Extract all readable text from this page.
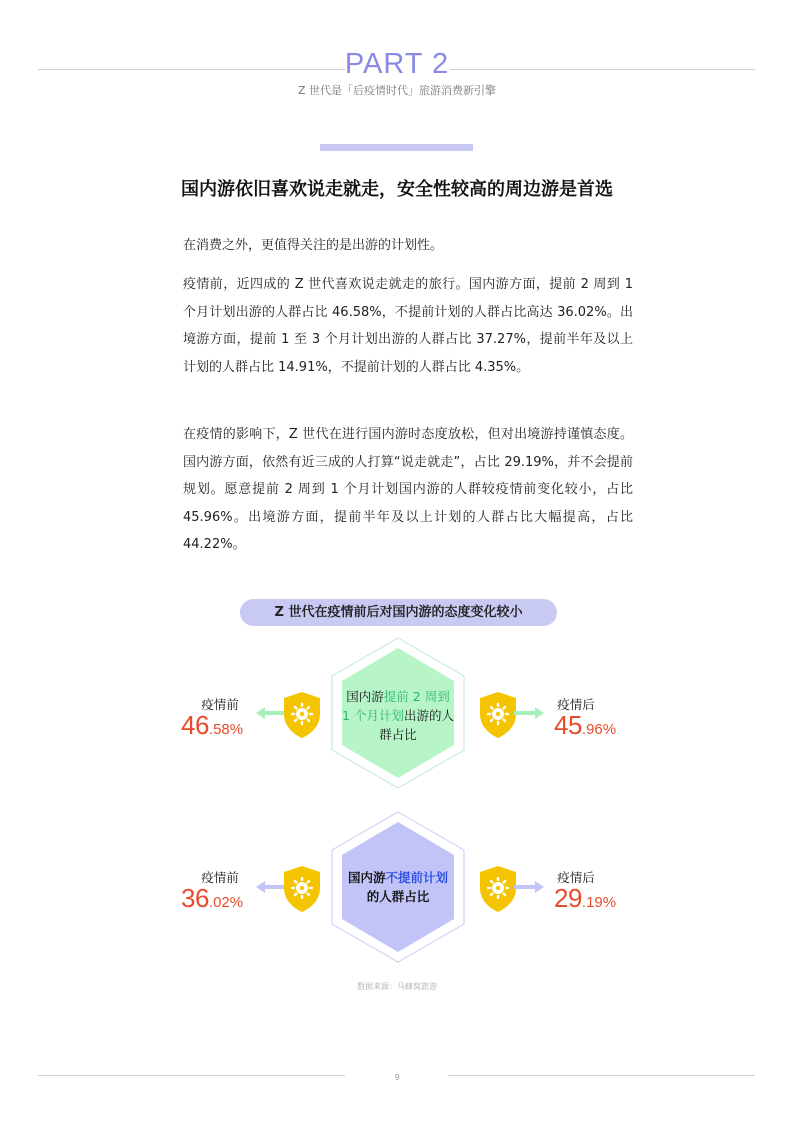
PART 2
Z 世代是「后疫情时代」旅游消费新引擎
国内游依旧喜欢说走就走，安全性较高的周边游是首选
在消费之外，更值得关注的是出游的计划性。
疫情前，近四成的 Z 世代喜欢说走就走的旅行。国内游方面，提前 2 周到 1 个月计划出游的人群占比 46.58%，不提前计划的人群占比高达 36.02%。出境游方面，提前 1 至 3 个月计划出游的人群占比 37.27%，提前半年及以上计划的人群占比 14.91%，不提前计划的人群占比 4.35%。
在疫情的影响下，Z 世代在进行国内游时态度放松，但对出境游持谨慎态度。国内游方面，依然有近三成的人打算“说走就走”，占比 29.19%，并不会提前规划。愿意提前 2 周到 1 个月计划国内游的人群较疫情前变化较小，占比 45.96%。出境游方面，提前半年及以上计划的人群占比大幅提高，占比 44.22%。
Z 世代在疫情前后对国内游的态度变化较小
国内游提前 2 周到 1 个月计划出游的人群占比
国内游不提前计划的人群占比
疫情前
46.58%
疫情后
45.96%
疫情前
36.02%
疫情后
29.19%
数据来源：马蜂窝旅游
9
